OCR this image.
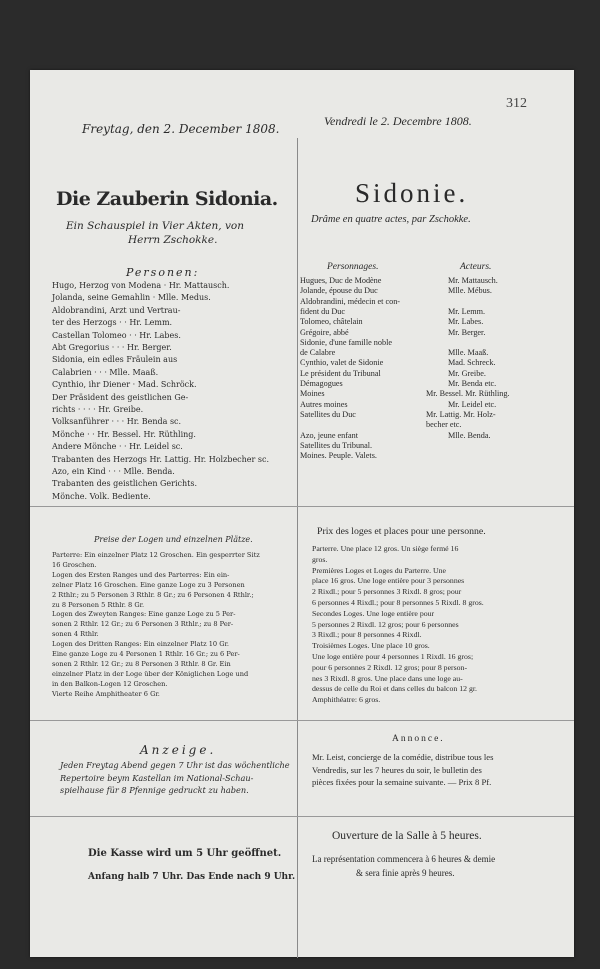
312
Freytag, den 2. December 1808.
Vendredi le 2. Decembre 1808.
Die Zauberin Sidonia.	Sidonie.
Ein Schauspiel in Vier Akten, von
Herrn Zschokke.
Drâme en quatre actes, par Zschokke.
Personen:
Hugo, Herzog von Modena · Hr. Mattausch.
Jolanda, seine Gemahlin · Mlle. Medus.
Aldobrandini, Arzt und Vertrau-
ter des Herzogs · · Hr. Lemm.
Castellan Tolomeo · · Hr. Labes.
Abt Gregorius · · · Hr. Berger.
Sidonia, ein edles Fräulein aus
Calabrien · · · Mlle. Maaß.
Cynthio, ihr Diener · Mad. Schröck.
Der Präsident des geistlichen Ge-
richts · · · · Hr. Greibe.
Volksanführer · · · Hr. Benda sc.
Mönche · · Hr. Bessel. Hr. Rüthling.
Andere Mönche · · Hr. Leidel sc.
Trabanten des Herzogs Hr. Lattig. Hr. Holzbecher sc.
Azo, ein Kind · · · Mlle. Benda.
Trabanten des geistlichen Gerichts.
Mönche. Volk. Bediente.
Personnages.	Acteurs.
Hugues, Duc de Modène	Mr. Mattausch.
Jolande, épouse du Duc	Mlle. Mébus.
Aldobrandini, médecin et con-
fident du Duc	Mr. Lemm.
Tolomeo, châtelain	Mr. Labes.
Grégoire, abbé	Mr. Berger.
Sidonie, d'une famille noble
de Calabre	Mlle. Maaß.
Cynthio, valet de Sidonie	Mad. Schreck.
Le président du Tribunal	Mr. Greibe.
Démagogues	Mr. Benda etc.
Moines	Mr. Bessel. Mr. Rüthling.
Autres moines	Mr. Leidel etc.
Satellites du Duc	Mr. Lattig. Mr. Holz-
becher etc.
Azo, jeune enfant	Mlle. Benda.
Satellites du Tribunal.
Moines. Peuple. Valets.
Preise der Logen und einzelnen Plätze.
Parterre: Ein einzelner Platz 12 Groschen. Ein gesperrter Sitz
16 Groschen.
Logen des Ersten Ranges und des Parterres: Ein ein-
zelner Platz 16 Groschen. Eine ganze Loge zu 3 Personen
2 Rthlr.; zu 5 Personen 3 Rthlr. 8 Gr.; zu 6 Personen 4 Rthlr.;
zu 8 Personen 5 Rthlr. 8 Gr.
Logen des Zweyten Ranges: Eine ganze Loge zu 5 Per-
sonen 2 Rthlr. 12 Gr.; zu 6 Personen 3 Rthlr.; zu 8 Per-
sonen 4 Rthlr.
Logen des Dritten Ranges: Ein einzelner Platz 10 Gr.
Eine ganze Loge zu 4 Personen 1 Rthlr. 16 Gr.; zu 6 Per-
sonen 2 Rthlr. 12 Gr.; zu 8 Personen 3 Rthlr. 8 Gr. Ein
einzelner Platz in der Loge über der Königlichen Loge und
in den Balkon-Logen 12 Groschen.
Vierte Reihe Amphitheater 6 Gr.
Prix des loges et places pour une personne.
Parterre. Une place 12 gros. Un siège fermé 16
gros.
Premières Loges et Loges du Parterre. Une
place 16 gros. Une loge entière pour 3 personnes
2 Rixdl.; pour 5 personnes 3 Rixdl. 8 gros; pour
6 personnes 4 Rixdl.; pour 8 personnes 5 Rixdl. 8 gros.
Secondes Loges. Une loge entière pour
5 personnes 2 Rixdl. 12 gros; pour 6 personnes
3 Rixdl.; pour 8 personnes 4 Rixdl.
Troisièmes Loges. Une place 10 gros.
Une loge entière pour 4 personnes 1 Rixdl. 16 gros;
pour 6 personnes 2 Rixdl. 12 gros; pour 8 person-
nes 3 Rixdl. 8 gros. Une place dans une loge au-
dessus de celle du Roi et dans celles du balcon 12 gr.
Amphithéatre: 6 gros.
Anzeige.
Jeden Freytag Abend gegen 7 Uhr ist das wöchentliche
Repertoire beym Kastellan im National-Schau-
spielhause für 8 Pfennige gedruckt zu haben.
Annonce.
Mr. Leist, concierge de la comédie, distribue tous les
Vendredis, sur les 7 heures du soir, le bulletin des
pièces fixées pour la semaine suivante. — Prix 8 Pf.
Die Kasse wird um 5 Uhr geöffnet.
Anfang halb 7 Uhr. Das Ende nach 9 Uhr.
Ouverture de la Salle à 5 heures.
La représentation commencera à 6 heures & demie
& sera finie après 9 heures.
